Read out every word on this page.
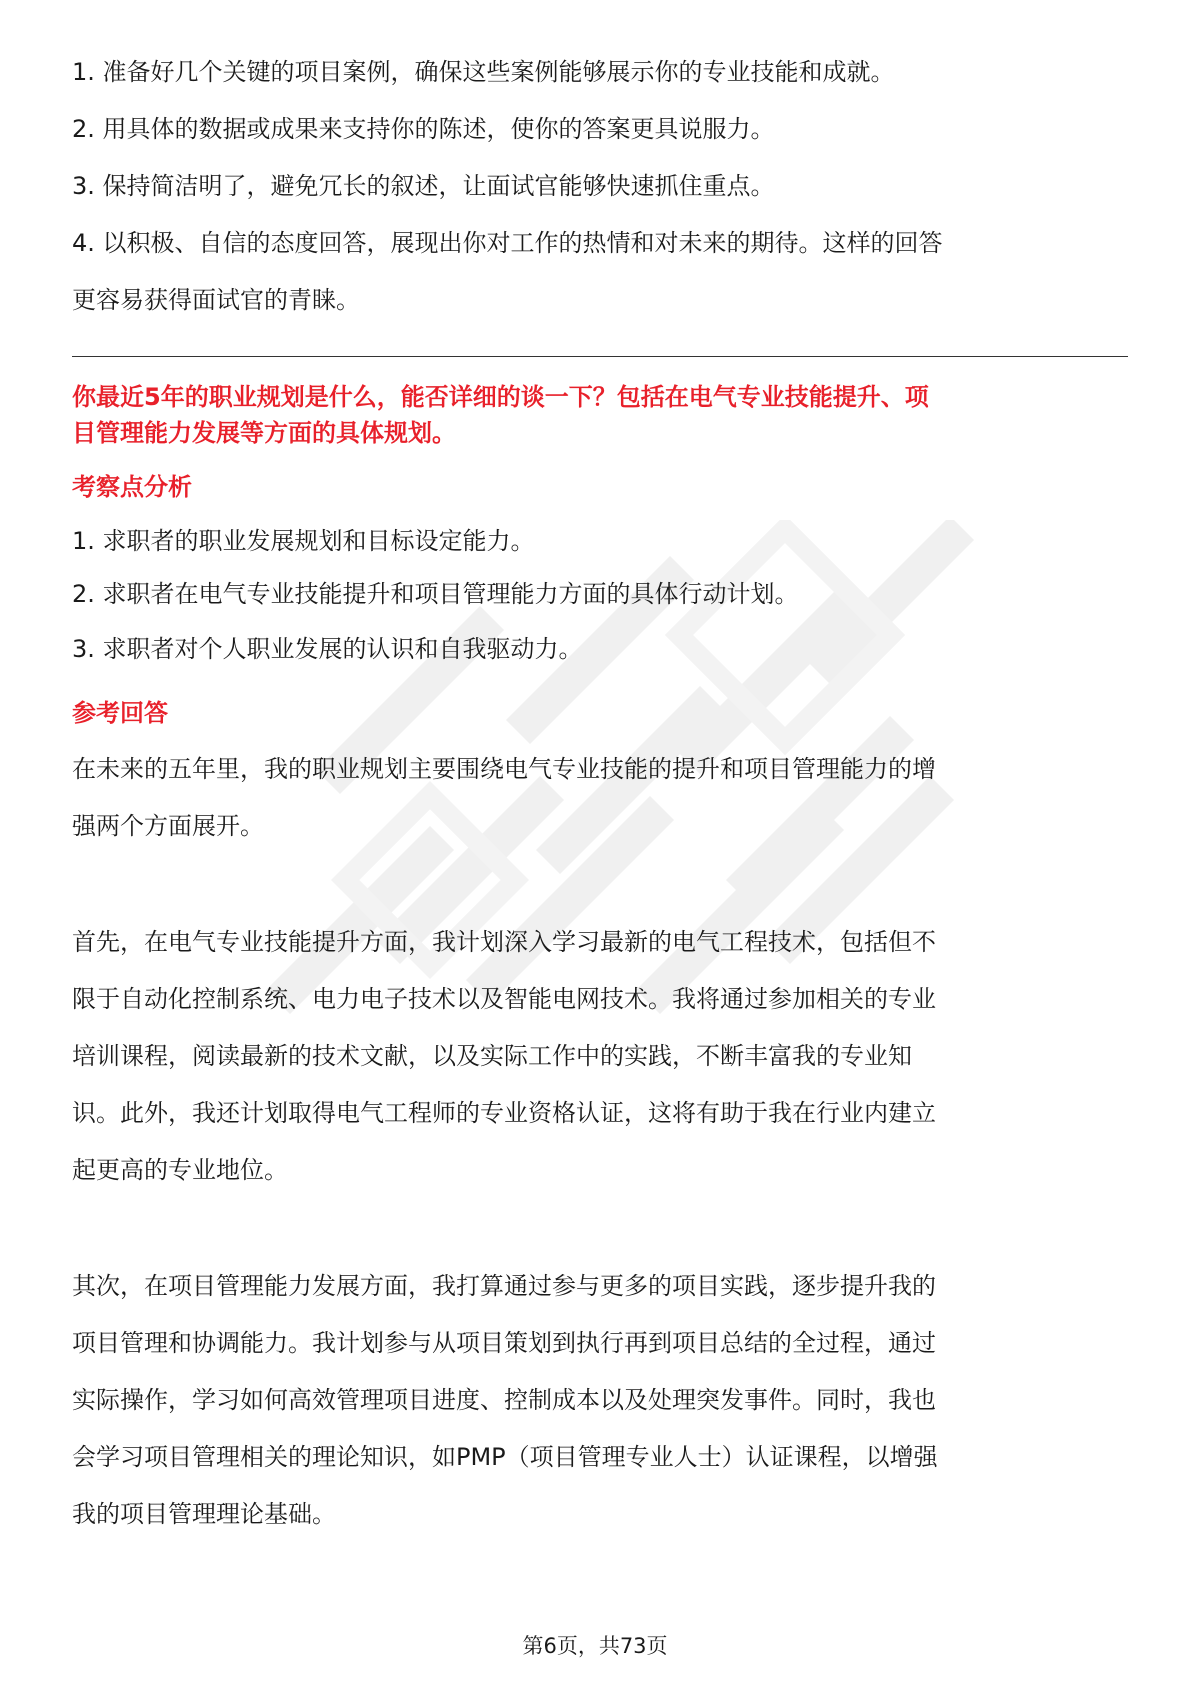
1. 准备好几个关键的项目案例，确保这些案例能够展示你的专业技能和成就。

2. 用具体的数据或成果来支持你的陈述，使你的答案更具说服力。

3. 保持简洁明了，避免冗长的叙述，让面试官能够快速抓住重点。

4. 以积极、自信的态度回答，展现出你对工作的热情和对未来的期待。这样的回答

更容易获得面试官的青睐。

你最近5年的职业规划是什么，能否详细的谈一下？包括在电气专业技能提升、项

目管理能力发展等方面的具体规划。

考察点分析

1. 求职者的职业发展规划和目标设定能力。

2. 求职者在电气专业技能提升和项目管理能力方面的具体行动计划。

3. 求职者对个人职业发展的认识和自我驱动力。

参考回答

在未来的五年里，我的职业规划主要围绕电气专业技能的提升和项目管理能力的增

强两个方面展开。

首先，在电气专业技能提升方面，我计划深入学习最新的电气工程技术，包括但不

限于自动化控制系统、电力电子技术以及智能电网技术。我将通过参加相关的专业

培训课程，阅读最新的技术文献，以及实际工作中的实践，不断丰富我的专业知

识。此外，我还计划取得电气工程师的专业资格认证，这将有助于我在行业内建立

起更高的专业地位。

其次，在项目管理能力发展方面，我打算通过参与更多的项目实践，逐步提升我的

项目管理和协调能力。我计划参与从项目策划到执行再到项目总结的全过程，通过

实际操作，学习如何高效管理项目进度、控制成本以及处理突发事件。同时，我也

会学习项目管理相关的理论知识，如PMP（项目管理专业人士）认证课程，以增强

我的项目管理理论基础。

第6页，共73页
